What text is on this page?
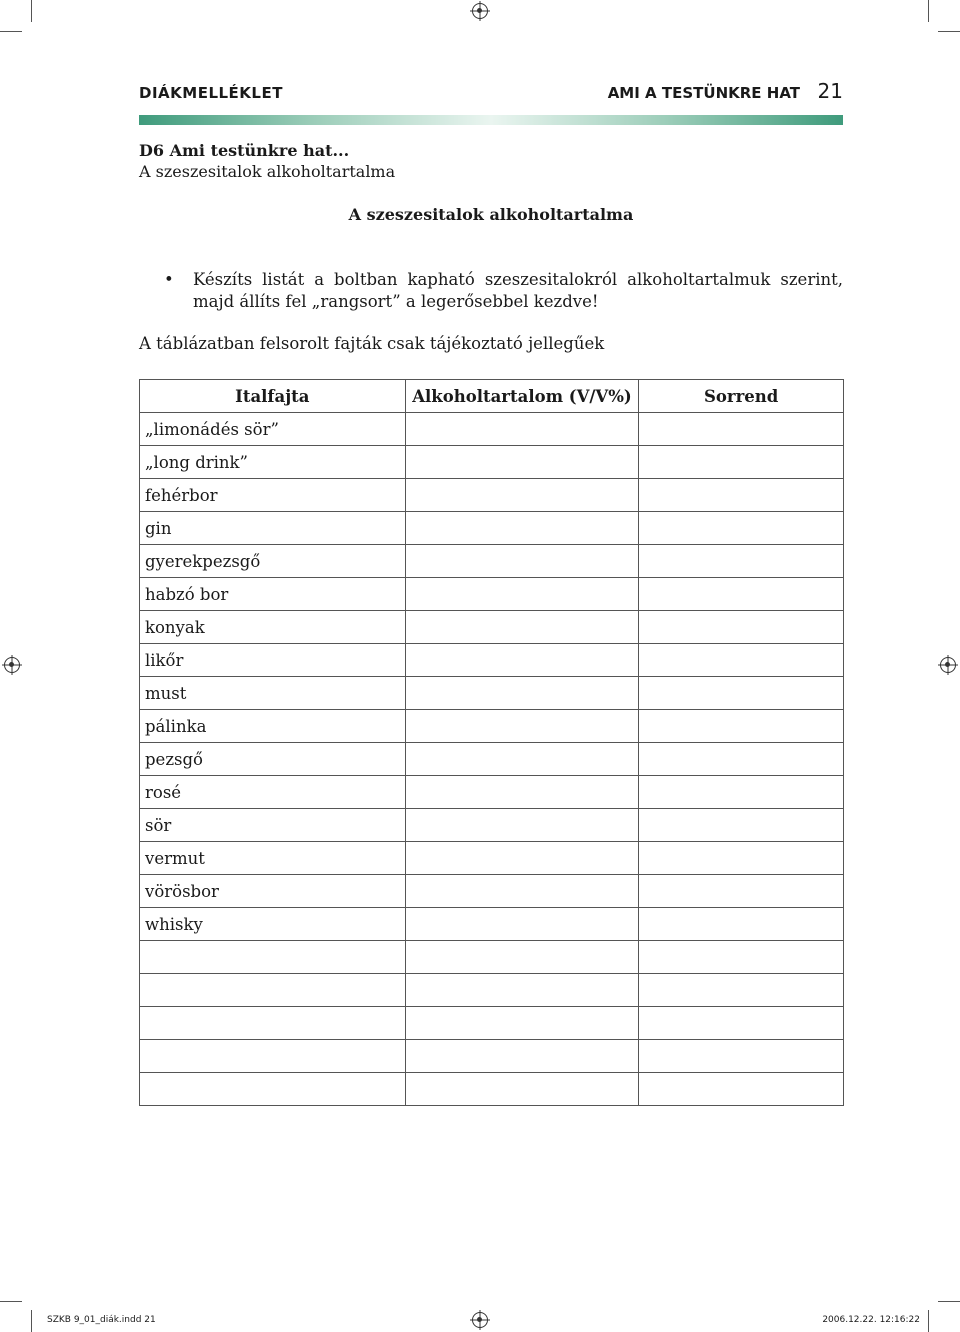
DIÁKMELLÉKLET	AMI A TESTÜNKRE HAT 21
D6 Ami testünkre hat...
A szeszesitalok alkoholtartalma
A szeszesitalok alkoholtartalma
• Készíts listát a boltban kapható szeszesitalokról alkoholtartalmuk szerint, majd állíts fel „rangsort” a legerősebbel kezdve!
A táblázatban felsorolt fajták csak tájékoztató jellegűek
Italfajta	Alkoholtartalom (V/V%)	Sorrend
„limonádés sör”		
„long drink”		
fehérbor		
gin		
gyerekpezsgő		
habzó bor		
konyak		
likőr		
must		
pálinka		
pezsgő		
rosé		
sör		
vermut		
vörösbor		
whisky		

SZKB 9_01_diák.indd 21	2006.12.22. 12:16:22
